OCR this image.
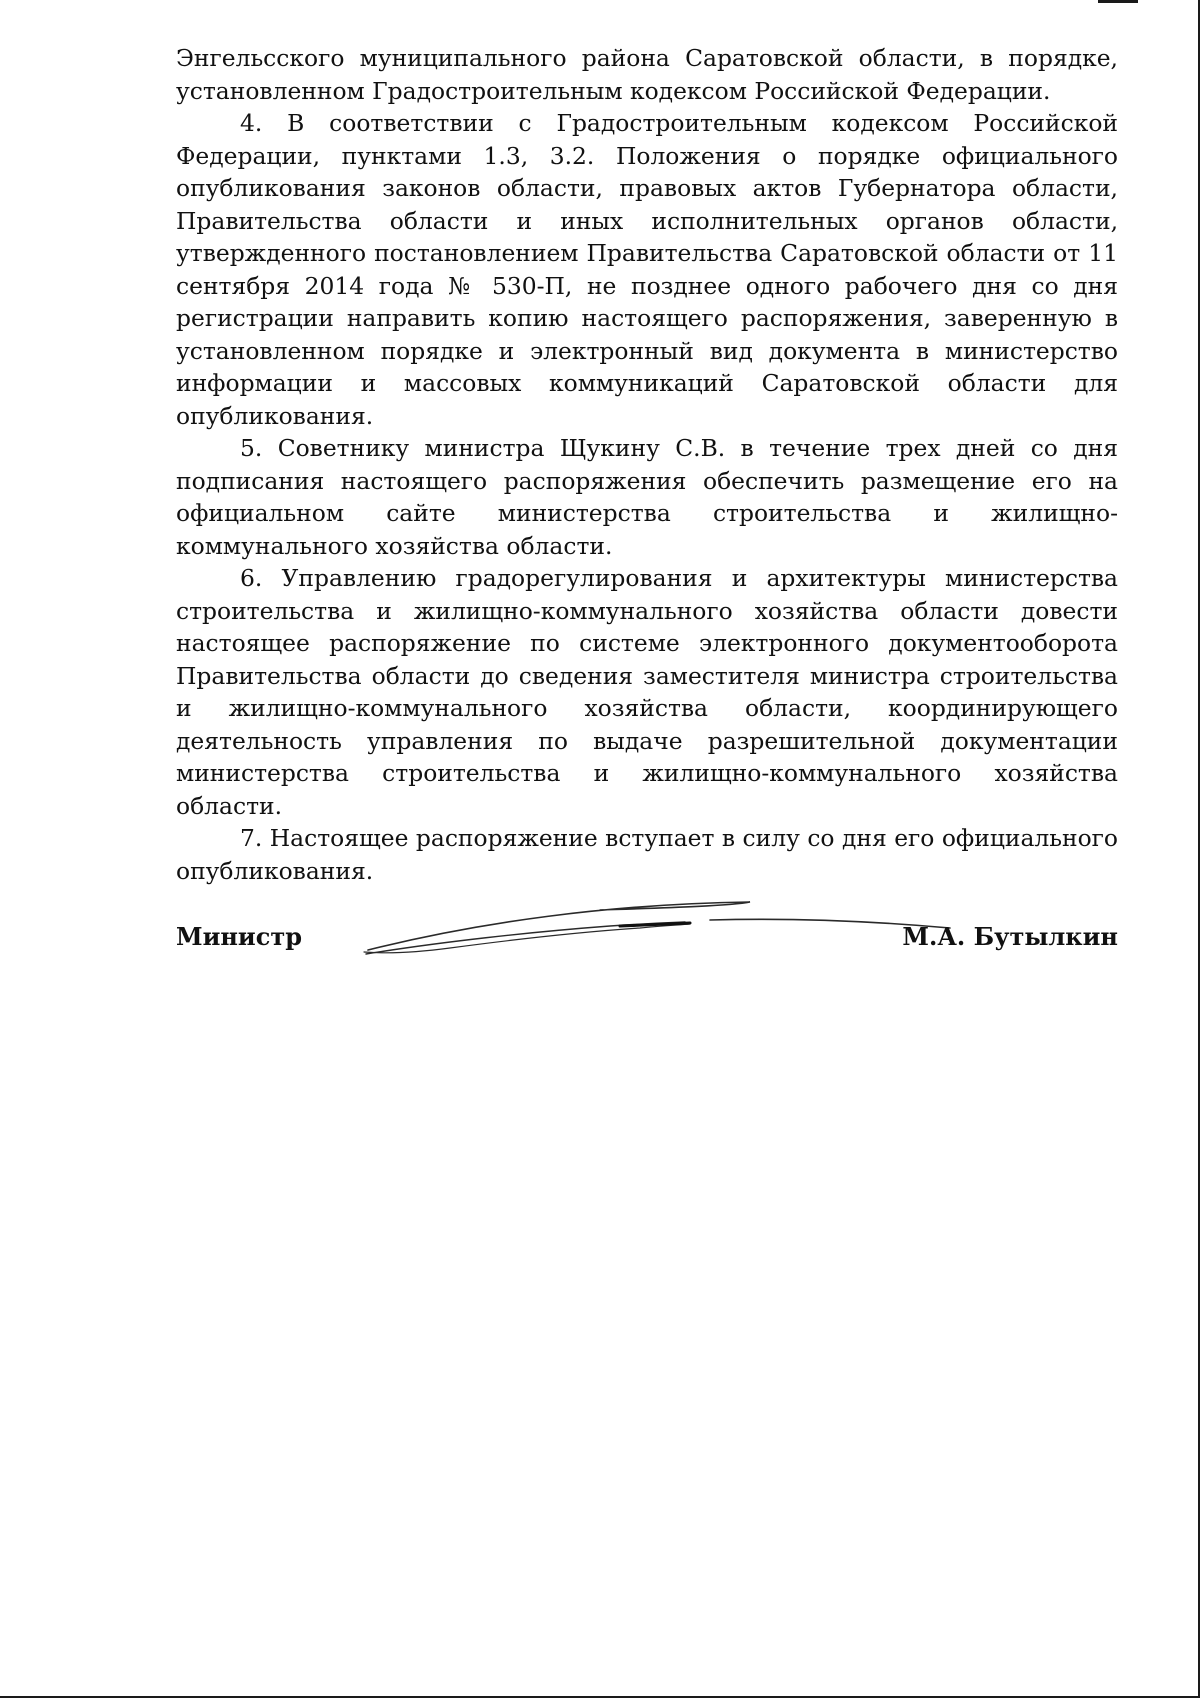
Энгельсского муниципального района Саратовской области, в порядке, установленном Градостроительным кодексом Российской Федерации.

4. В соответствии с Градостроительным кодексом Российской Федерации, пунктами 1.3, 3.2. Положения о порядке официального опубликования законов области, правовых актов Губернатора области, Правительства области и иных исполнительных органов области, утвержденного постановлением Правительства Саратовской области от 11 сентября 2014 года № 530-П, не позднее одного рабочего дня со дня регистрации направить копию настоящего распоряжения, заверенную в установленном порядке и электронный вид документа в министерство информации и массовых коммуникаций Саратовской области для опубликования.

5. Советнику министра Щукину С.В. в течение трех дней со дня подписания настоящего распоряжения обеспечить размещение его на официальном сайте министерства строительства и жилищно-коммунального хозяйства области.

6. Управлению градорегулирования и архитектуры министерства строительства и жилищно-коммунального хозяйства области довести настоящее распоряжение по системе электронного документооборота Правительства области до сведения заместителя министра строительства и жилищно-коммунального хозяйства области, координирующего деятельность управления по выдаче разрешительной документации министерства строительства и жилищно-коммунального хозяйства области.

7. Настоящее распоряжение вступает в силу со дня его официального опубликования.

Министр	М.А. Бутылкин
